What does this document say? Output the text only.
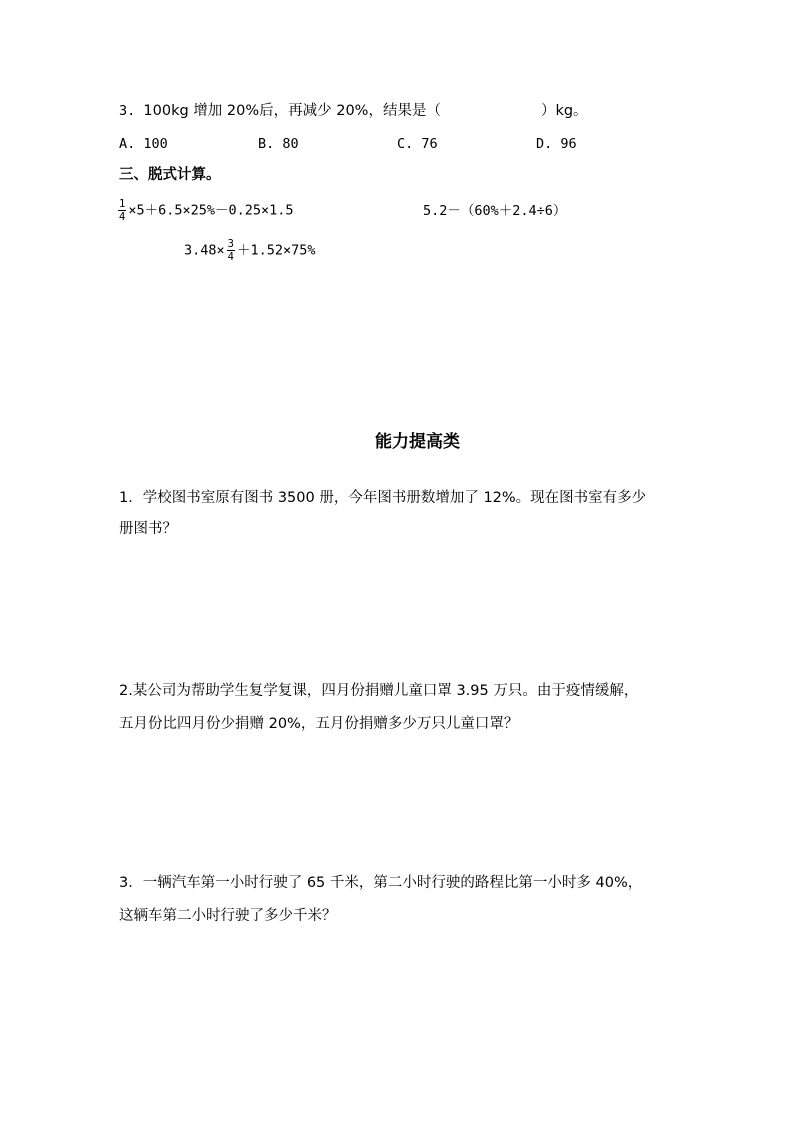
3. 100kg 增加 20%后，再减少 20%，结果是（	）kg。
A. 100	B. 80	C. 76	D. 96
三、脱式计算。
$\frac{1}{4} \times 5+6.5\times 25\%-0.25\times 1.5$	5.2－（60%＋2.4÷6）
$3.48\times \frac{3}{4} +1.52\times 75\%$
能力提高类
1．学校图书室原有图书 3500 册，今年图书册数增加了 12%。现在图书室有多少
册图书？
2.某公司为帮助学生复学复课，四月份捐赠儿童口罩 3.95 万只。由于疫情缓解，
五月份比四月份少捐赠 20%，五月份捐赠多少万只儿童口罩？
3．一辆汽车第一小时行驶了 65 千米，第二小时行驶的路程比第一小时多 40%，
这辆车第二小时行驶了多少千米？
